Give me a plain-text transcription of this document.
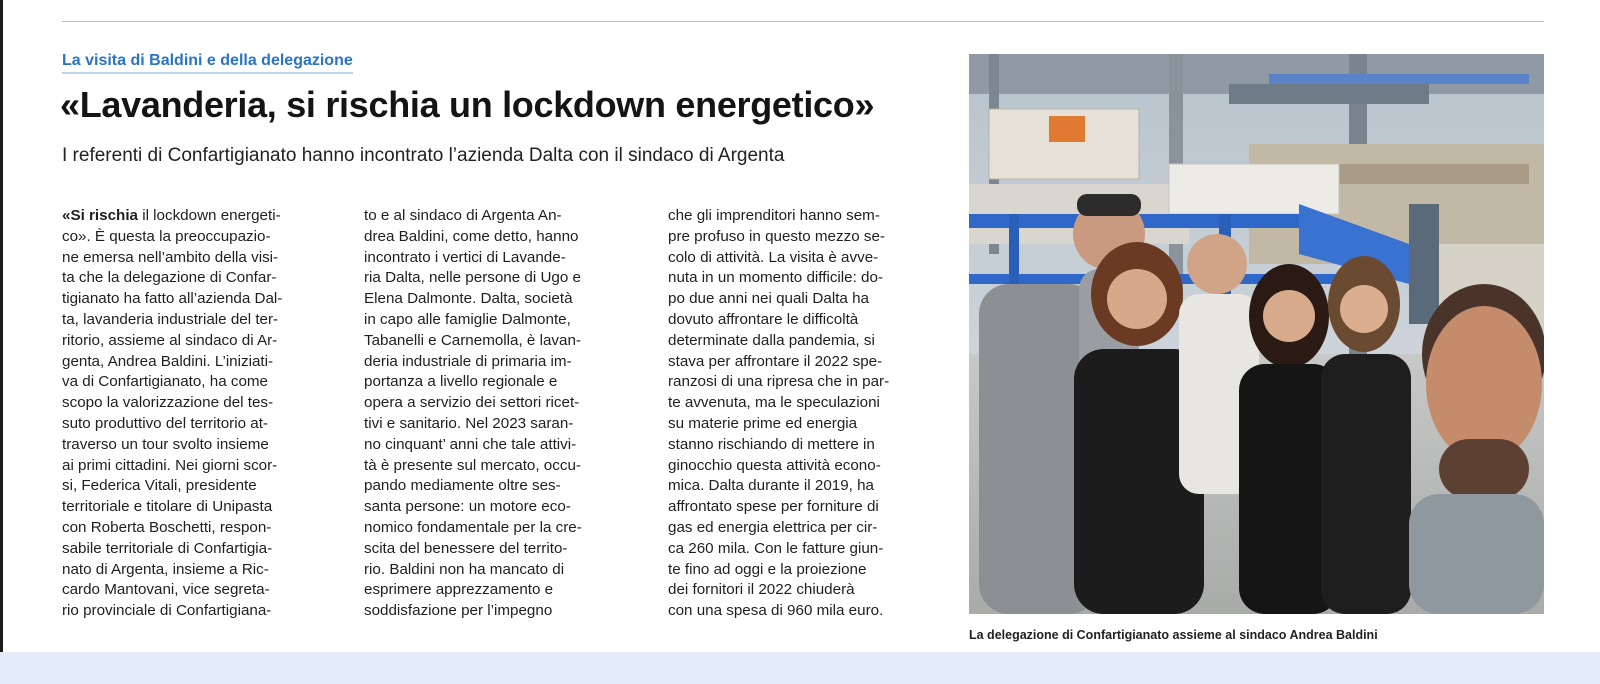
La visita di Baldini e della delegazione
«Lavanderia, si rischia un lockdown energetico»
I referenti di Confartigianato hanno incontrato l’azienda Dalta con il sindaco di Argenta
«Si rischia il lockdown energeti-
co». È questa la preoccupazio-
ne emersa nell’ambito della visi-
ta che la delegazione di Confar-
tigianato ha fatto all’azienda Dal-
ta, lavanderia industriale del ter-
ritorio, assieme al sindaco di Ar-
genta, Andrea Baldini. L’iniziati-
va di Confartigianato, ha come
scopo la valorizzazione del tes-
suto produttivo del territorio at-
traverso un tour svolto insieme
ai primi cittadini. Nei giorni scor-
si, Federica Vitali, presidente
territoriale e titolare di Unipasta
con Roberta Boschetti, respon-
sabile territoriale di Confartigia-
nato di Argenta, insieme a Ric-
cardo Mantovani, vice segreta-
rio provinciale di Confartigiana-
to e al sindaco di Argenta An-
drea Baldini, come detto, hanno
incontrato i vertici di Lavande-
ria Dalta, nelle persone di Ugo e
Elena Dalmonte. Dalta, società
in capo alle famiglie Dalmonte,
Tabanelli e Carnemolla, è lavan-
deria industriale di primaria im-
portanza a livello regionale e
opera a servizio dei settori ricet-
tivi e sanitario. Nel 2023 saran-
no cinquant’ anni che tale attivi-
tà è presente sul mercato, occu-
pando mediamente oltre ses-
santa persone: un motore eco-
nomico fondamentale per la cre-
scita del benessere del territo-
rio. Baldini non ha mancato di
esprimere apprezzamento e
soddisfazione per l’impegno
che gli imprenditori hanno sem-
pre profuso in questo mezzo se-
colo di attività. La visita è avve-
nuta in un momento difficile: do-
po due anni nei quali Dalta ha
dovuto affrontare le difficoltà
determinate dalla pandemia, si
stava per affrontare il 2022 spe-
ranzosi di una ripresa che in par-
te avvenuta, ma le speculazioni
su materie prime ed energia
stanno rischiando di mettere in
ginocchio questa attività econo-
mica. Dalta durante il 2019, ha
affrontato spese per forniture di
gas ed energia elettrica per cir-
ca 260 mila. Con le fatture giun-
te fino ad oggi e la proiezione
dei fornitori il 2022 chiuderà
con una spesa di 960 mila euro.
La delegazione di Confartigianato assieme al sindaco Andrea Baldini
